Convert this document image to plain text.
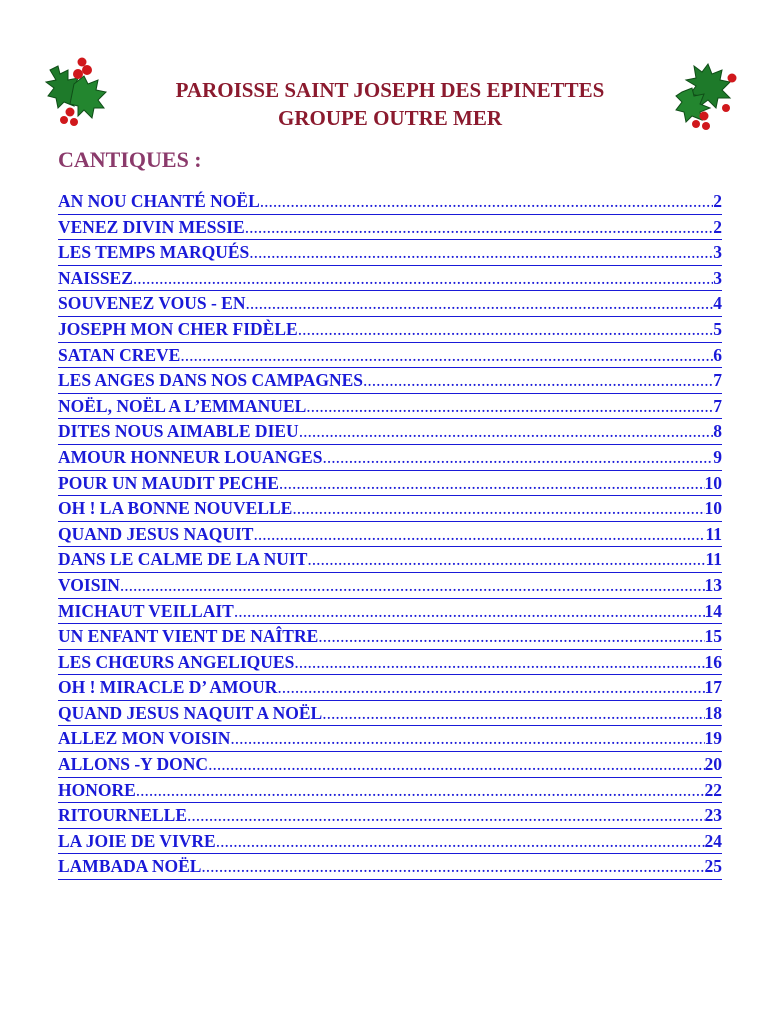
PAROISSE SAINT JOSEPH DES EPINETTES
GROUPE OUTRE MER
CANTIQUES :
AN NOU CHANTÉ NOËL .....	2
VENEZ DIVIN MESSIE .....	2
LES TEMPS MARQUÉS .....	3
NAISSEZ .....	3
SOUVENEZ VOUS - EN .....	4
JOSEPH MON CHER FIDÈLE .....	5
SATAN CREVE .....	6
LES ANGES DANS NOS CAMPAGNES .....	7
NOËL, NOËL A L’EMMANUEL .....	7
DITES NOUS AIMABLE DIEU .....	8
AMOUR HONNEUR LOUANGES .....	9
POUR UN MAUDIT PECHE .....	10
OH ! LA BONNE NOUVELLE .....	10
QUAND JESUS NAQUIT .....	11
DANS LE CALME DE LA NUIT .....	11
VOISIN .....	13
MICHAUT VEILLAIT .....	14
UN ENFANT VIENT DE NAÎTRE .....	15
LES CHŒURS ANGELIQUES .....	16
OH ! MIRACLE D’ AMOUR .....	17
QUAND JESUS NAQUIT A NOËL .....	18
ALLEZ MON VOISIN .....	19
ALLONS -Y DONC .....	20
HONORE .....	22
RITOURNELLE .....	23
LA JOIE DE VIVRE .....	24
LAMBADA NOËL .....	25
